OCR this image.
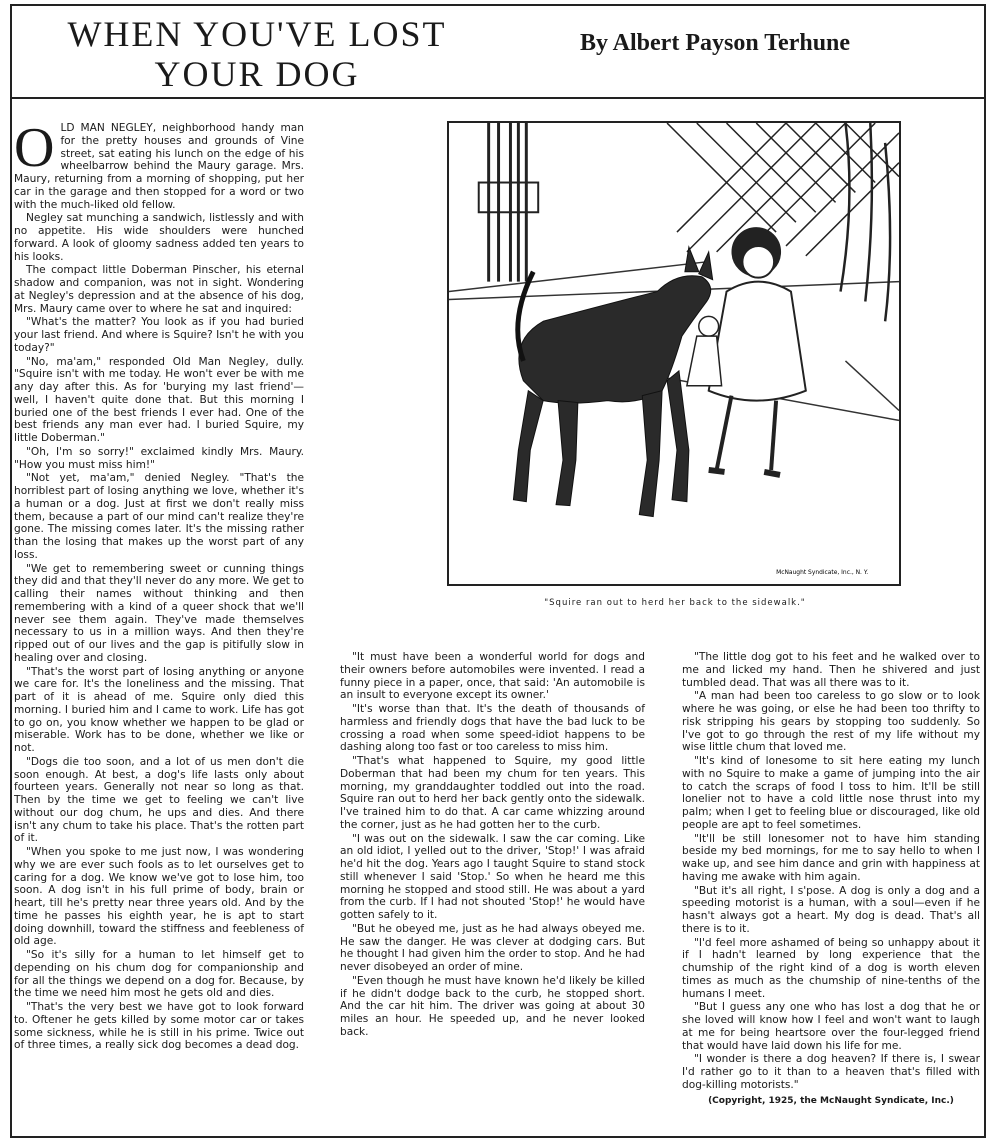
WHEN YOU'VE LOST
YOUR DOG
By Albert Payson Terhune

OLD MAN NEGLEY, neighborhood handy man for the pretty houses and grounds of Vine street, sat eating his lunch on the edge of his wheelbarrow behind the Maury garage. Mrs. Maury, returning from a morning of shopping, put her car in the garage and then stopped for a word or two with the much-liked old fellow.

Negley sat munching a sandwich, listlessly and with no appetite. His wide shoulders were hunched forward. A look of gloomy sadness added ten years to his looks.

The compact little Doberman Pinscher, his eternal shadow and companion, was not in sight. Wondering at Negley's depression and at the absence of his dog, Mrs. Maury came over to where he sat and inquired:

"What's the matter? You look as if you had buried your last friend. And where is Squire? Isn't he with you today?"

"No, ma'am," responded Old Man Negley, dully. "Squire isn't with me today. He won't ever be with me any day after this. As for 'burying my last friend'—well, I haven't quite done that. But this morning I buried one of the best friends I ever had. One of the best friends any man ever had. I buried Squire, my little Doberman."

"Oh, I'm so sorry!" exclaimed kindly Mrs. Maury. "How you must miss him!"

"Not yet, ma'am," denied Negley. "That's the horriblest part of losing anything we love, whether it's a human or a dog. Just at first we don't really miss them, because a part of our mind can't realize they're gone. The missing comes later. It's the missing rather than the losing that makes up the worst part of any loss.

"We get to remembering sweet or cunning things they did and that they'll never do any more. We get to calling their names without thinking and then remembering with a kind of a queer shock that we'll never see them again. They've made themselves necessary to us in a million ways. And then they're ripped out of our lives and the gap is pitifully slow in healing over and closing.

"That's the worst part of losing anything or anyone we care for. It's the loneliness and the missing. That part of it is ahead of me. Squire only died this morning. I buried him and I came to work. Life has got to go on, you know whether we happen to be glad or miserable. Work has to be done, whether we like or not.

"Dogs die too soon, and a lot of us men don't die soon enough. At best, a dog's life lasts only about fourteen years. Generally not near so long as that. Then by the time we get to feeling we can't live without our dog chum, he ups and dies. And there isn't any chum to take his place. That's the rotten part of it.

"When you spoke to me just now, I was wondering why we are ever such fools as to let ourselves get to caring for a dog. We know we've got to lose him, too soon. A dog isn't in his full prime of body, brain or heart, till he's pretty near three years old. And by the time he passes his eighth year, he is apt to start doing downhill, toward the stiffness and feebleness of old age.

"So it's silly for a human to let himself get to depending on his chum dog for companionship and for all the things we depend on a dog for. Because, by the time we need him most he gets old and dies.

"That's the very best we have got to look forward to. Oftener he gets killed by some motor car or takes some sickness, while he is still in his prime. Twice out of three times, a really sick dog becomes a dead dog.

McNaught Syndicate, Inc., N. Y.
"Squire ran out to herd her back to the sidewalk."

"It must have been a wonderful world for dogs and their owners before automobiles were invented. I read a funny piece in a paper, once, that said: 'An automobile is an insult to everyone except its owner.'

"It's worse than that. It's the death of thousands of harmless and friendly dogs that have the bad luck to be crossing a road when some speed-idiot happens to be dashing along too fast or too careless to miss him.

"That's what happened to Squire, my good little Doberman that had been my chum for ten years. This morning, my granddaughter toddled out into the road. Squire ran out to herd her back gently onto the sidewalk. I've trained him to do that. A car came whizzing around the corner, just as he had gotten her to the curb.

"I was out on the sidewalk. I saw the car coming. Like an old idiot, I yelled out to the driver, 'Stop!' I was afraid he'd hit the dog. Years ago I taught Squire to stand stock still whenever I said 'Stop.' So when he heard me this morning he stopped and stood still. He was about a yard from the curb. If I had not shouted 'Stop!' he would have gotten safely to it.

"But he obeyed me, just as he had always obeyed me. He saw the danger. He was clever at dodging cars. But he thought I had given him the order to stop. And he had never disobeyed an order of mine.

"Even though he must have known he'd likely be killed if he didn't dodge back to the curb, he stopped short. And the car hit him. The driver was going at about 30 miles an hour. He speeded up, and he never looked back.

"The little dog got to his feet and he walked over to me and licked my hand. Then he shivered and just tumbled dead. That was all there was to it.

"A man had been too careless to go slow or to look where he was going, or else he had been too thrifty to risk stripping his gears by stopping too suddenly. So I've got to go through the rest of my life without my wise little chum that loved me.

"It's kind of lonesome to sit here eating my lunch with no Squire to make a game of jumping into the air to catch the scraps of food I toss to him. It'll be still lonelier not to have a cold little nose thrust into my palm; when I get to feeling blue or discouraged, like old people are apt to feel sometimes.

"It'll be still lonesomer not to have him standing beside my bed mornings, for me to say hello to when I wake up, and see him dance and grin with happiness at having me awake with him again.

"But it's all right, I s'pose. A dog is only a dog and a speeding motorist is a human, with a soul—even if he hasn't always got a heart. My dog is dead. That's all there is to it.

"I'd feel more ashamed of being so unhappy about it if I hadn't learned by long experience that the chumship of the right kind of a dog is worth eleven times as much as the chumship of nine-tenths of the humans I meet.

"But I guess any one who has lost a dog that he or she loved will know how I feel and won't want to laugh at me for being heartsore over the four-legged friend that would have laid down his life for me.

"I wonder is there a dog heaven? If there is, I swear I'd rather go to it than to a heaven that's filled with dog-killing motorists."

(Copyright, 1925, the McNaught Syndicate, Inc.)
